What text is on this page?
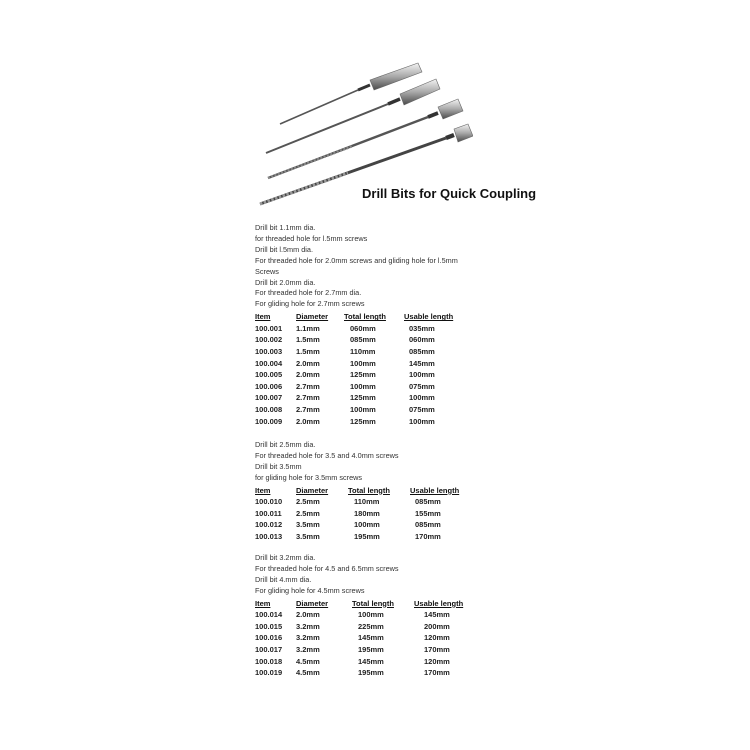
Drill Bits for Quick Coupling
Drill bit 1.1mm dia.
for threaded hole for l.5mm screws
Drill bit l.5mm dia.
For threaded hole for 2.0mm screws and gliding hole for l.5mm
Screws
Drill bit 2.0mm dia.
For threaded hole for 2.7mm dia.
For gliding hole for 2.7mm screws
Item	Diameter	Total length	Usable length
100.001	1.1mm	060mm	035mm
100.002	1.5mm	085mm	060mm
100.003	1.5mm	110mm	085mm
100.004	2.0mm	100mm	145mm
100.005	2.0mm	125mm	100mm
100.006	2.7mm	100mm	075mm
100.007	2.7mm	125mm	100mm
100.008	2.7mm	100mm	075mm
100.009	2.0mm	125mm	100mm
Drill bit 2.5mm dia.
For threaded hole for 3.5 and 4.0mm screws
Drill bit 3.5mm
for gliding hole for 3.5mm screws
Item	Diameter	Total length	Usable length
100.010	2.5mm	110mm	085mm
100.011	2.5mm	180mm	155mm
100.012	3.5mm	100mm	085mm
100.013	3.5mm	195mm	170mm
Drill bit 3.2mm dia.
For threaded hole for 4.5 and 6.5mm screws
Drill bit 4.mm dia.
For gliding hole for 4.5mm screws
Item	Diameter	Total length	Usable length
100.014	2.0mm	100mm	145mm
100.015	3.2mm	225mm	200mm
100.016	3.2mm	145mm	120mm
100.017	3.2mm	195mm	170mm
100.018	4.5mm	145mm	120mm
100.019	4.5mm	195mm	170mm
